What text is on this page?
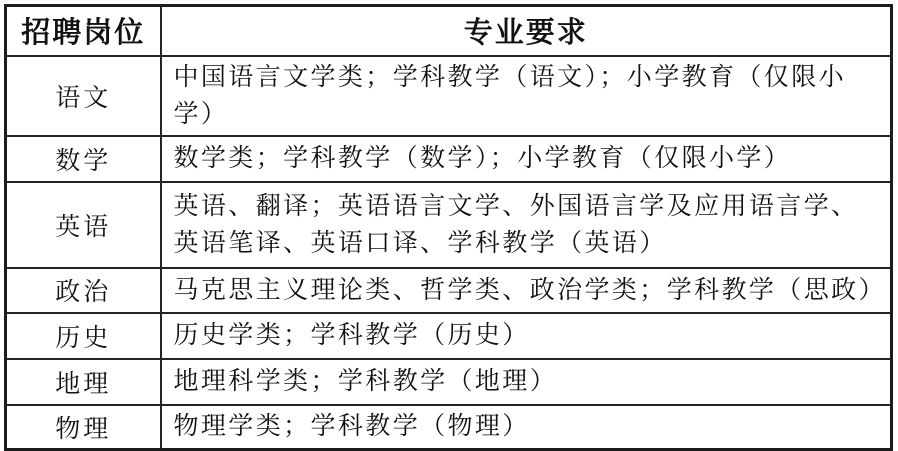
招聘岗位	专业要求
语文	中国语言文学类；学科教学（语文）；小学教育（仅限小学）
数学	数学类；学科教学（数学）；小学教育（仅限小学）
英语	英语、翻译；英语语言文学、外国语言学及应用语言学、英语笔译、英语口译、学科教学（英语）
政治	马克思主义理论类、哲学类、政治学类；学科教学（思政）
历史	历史学类；学科教学（历史）
地理	地理科学类；学科教学（地理）
物理	物理学类；学科教学（物理）
